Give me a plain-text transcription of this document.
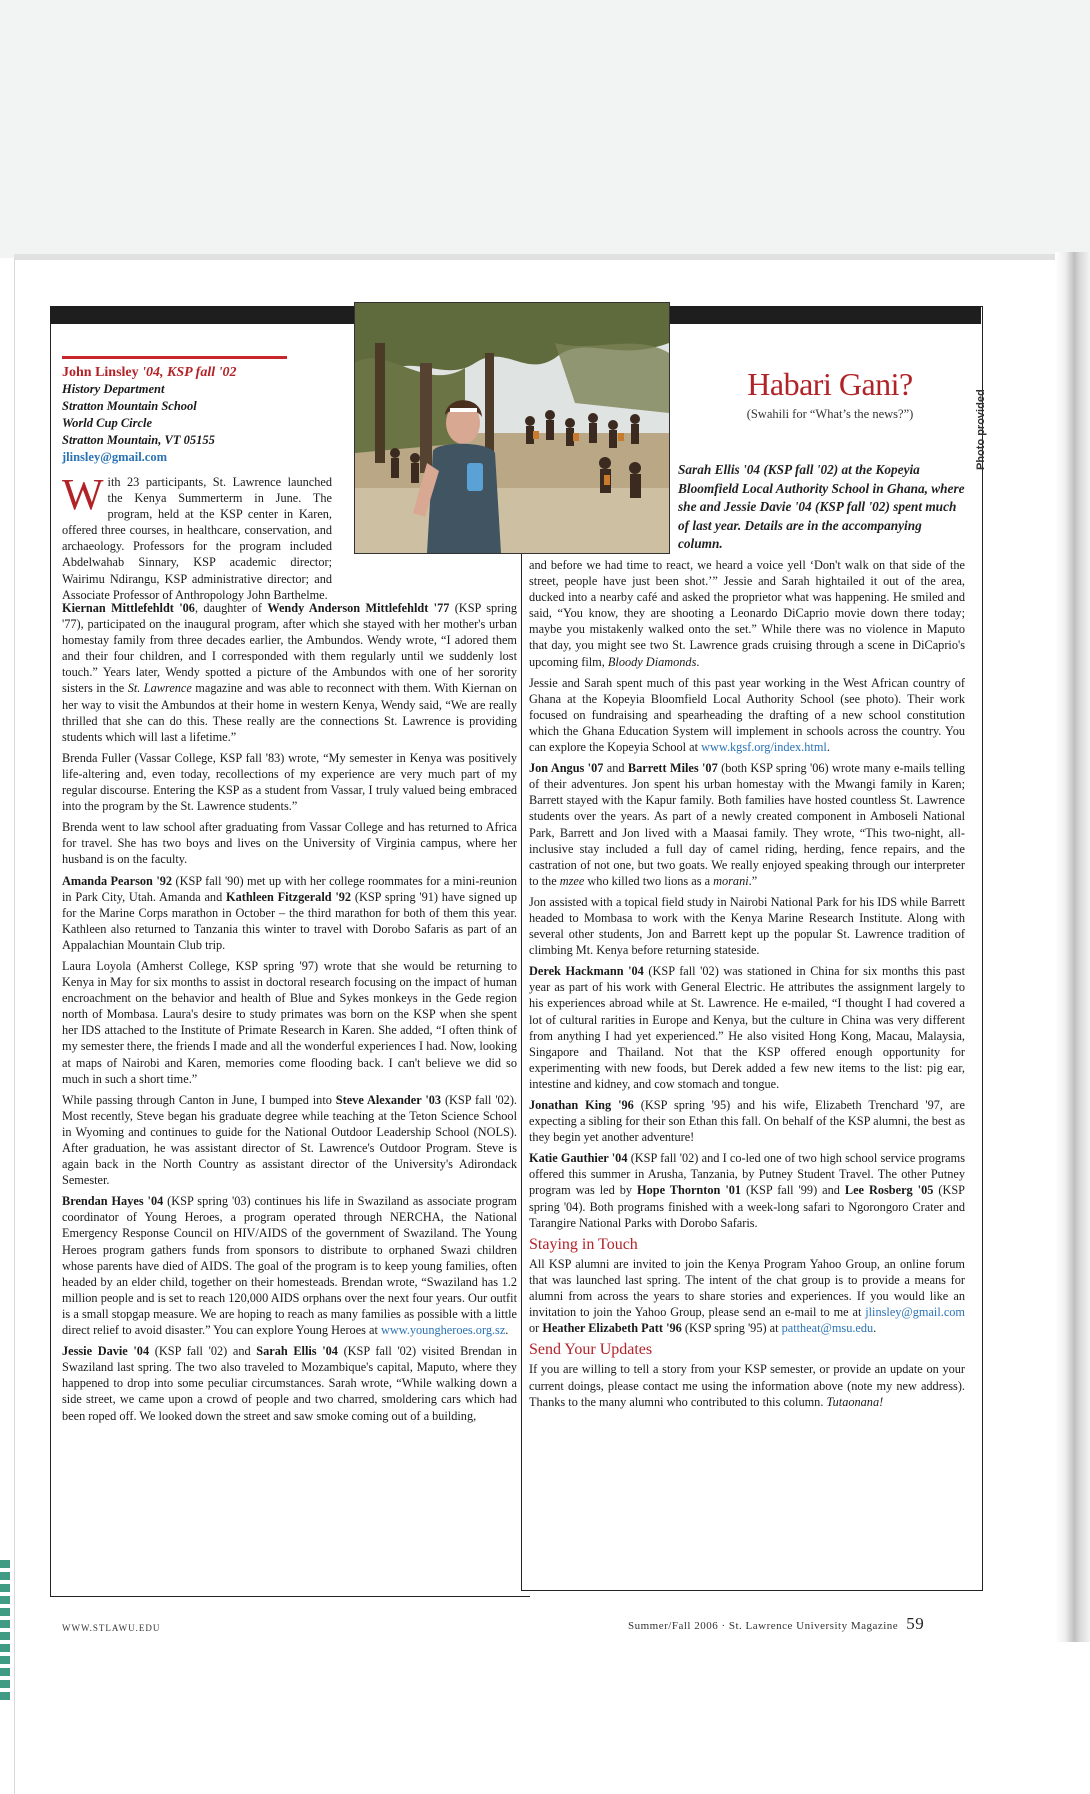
Photo provided
John Linsley '04, KSP fall '02
History Department
Stratton Mountain School
World Cup Circle
Stratton Mountain, VT 05155
jlinsley@gmail.com
Habari Gani?
(Swahili for “What’s the news?”)
Sarah Ellis '04 (KSP fall '02) at the Kopeyia Bloomfield Local Authority School in Ghana, where she and Jessie Davie '04 (KSP fall '02) spent much of last year. Details are in the accompanying column.
With 23 participants, St. Lawrence launched the Kenya Summerterm in June. The program, held at the KSP center in Karen, offered three courses, in healthcare, conservation, and archaeology. Professors for the program included Abdelwahab Sinnary, KSP academic director; Wairimu Ndirangu, KSP administrative director; and Associate Professor of Anthropology John Barthelme.

Kiernan Mittlefehldt '06, daughter of Wendy Anderson Mittlefehldt '77 (KSP spring '77), participated on the inaugural program, after which she stayed with her mother's urban homestay family from three decades earlier, the Ambundos. Wendy wrote, “I adored them and their four children, and I corresponded with them regularly until we suddenly lost touch.” Years later, Wendy spotted a picture of the Ambundos with one of her sorority sisters in the St. Lawrence magazine and was able to reconnect with them. With Kiernan on her way to visit the Ambundos at their home in western Kenya, Wendy said, “We are really thrilled that she can do this. These really are the connections St. Lawrence is providing students which will last a lifetime.”

Brenda Fuller (Vassar College, KSP fall '83) wrote, “My semester in Kenya was positively life-altering and, even today, recollections of my experience are very much part of my regular discourse. Entering the KSP as a student from Vassar, I truly valued being embraced into the program by the St. Lawrence students.”

Brenda went to law school after graduating from Vassar College and has returned to Africa for travel. She has two boys and lives on the University of Virginia campus, where her husband is on the faculty.

Amanda Pearson '92 (KSP fall '90) met up with her college roommates for a mini-reunion in Park City, Utah. Amanda and Kathleen Fitzgerald '92 (KSP spring '91) have signed up for the Marine Corps marathon in October – the third marathon for both of them this year. Kathleen also returned to Tanzania this winter to travel with Dorobo Safaris as part of an Appalachian Mountain Club trip.

Laura Loyola (Amherst College, KSP spring '97) wrote that she would be returning to Kenya in May for six months to assist in doctoral research focusing on the impact of human encroachment on the behavior and health of Blue and Sykes monkeys in the Gede region north of Mombasa. Laura's desire to study primates was born on the KSP when she spent her IDS attached to the Institute of Primate Research in Karen. She added, “I often think of my semester there, the friends I made and all the wonderful experiences I had. Now, looking at maps of Nairobi and Karen, memories come flooding back. I can't believe we did so much in such a short time.”

While passing through Canton in June, I bumped into Steve Alexander '03 (KSP fall '02). Most recently, Steve began his graduate degree while teaching at the Teton Science School in Wyoming and continues to guide for the National Outdoor Leadership School (NOLS). After graduation, he was assistant director of St. Lawrence's Outdoor Program. Steve is again back in the North Country as assistant director of the University's Adirondack Semester.

Brendan Hayes '04 (KSP spring '03) continues his life in Swaziland as associate program coordinator of Young Heroes, a program operated through NERCHA, the National Emergency Response Council on HIV/AIDS of the government of Swaziland. The Young Heroes program gathers funds from sponsors to distribute to orphaned Swazi children whose parents have died of AIDS. The goal of the program is to keep young families, often headed by an elder child, together on their homesteads. Brendan wrote, “Swaziland has 1.2 million people and is set to reach 120,000 AIDS orphans over the next four years. Our outfit is a small stopgap measure. We are hoping to reach as many families as possible with a little direct relief to avoid disaster.” You can explore Young Heroes at www.youngheroes.org.sz.

Jessie Davie '04 (KSP fall '02) and Sarah Ellis '04 (KSP fall '02) visited Brendan in Swaziland last spring. The two also traveled to Mozambique's capital, Maputo, where they happened to drop into some peculiar circumstances. Sarah wrote, “While walking down a side street, we came upon a crowd of people and two charred, smoldering cars which had been roped off. We looked down the street and saw smoke coming out of a building,

and before we had time to react, we heard a voice yell ‘Don't walk on that side of the street, people have just been shot.’” Jessie and Sarah hightailed it out of the area, ducked into a nearby café and asked the proprietor what was happening. He smiled and said, “You know, they are shooting a Leonardo DiCaprio movie down there today; maybe you mistakenly walked onto the set.” While there was no violence in Maputo that day, you might see two St. Lawrence grads cruising through a scene in DiCaprio's upcoming film, Bloody Diamonds.

Jessie and Sarah spent much of this past year working in the West African country of Ghana at the Kopeyia Bloomfield Local Authority School (see photo). Their work focused on fundraising and spearheading the drafting of a new school constitution which the Ghana Education System will implement in schools across the country. You can explore the Kopeyia School at www.kgsf.org/index.html.

Jon Angus '07 and Barrett Miles '07 (both KSP spring '06) wrote many e-mails telling of their adventures. Jon spent his urban homestay with the Mwangi family in Karen; Barrett stayed with the Kapur family. Both families have hosted countless St. Lawrence students over the years. As part of a newly created component in Amboseli National Park, Barrett and Jon lived with a Maasai family. They wrote, “This two-night, all-inclusive stay included a full day of camel riding, herding, fence repairs, and the castration of not one, but two goats. We really enjoyed speaking through our interpreter to the mzee who killed two lions as a morani.”

Jon assisted with a topical field study in Nairobi National Park for his IDS while Barrett headed to Mombasa to work with the Kenya Marine Research Institute. Along with several other students, Jon and Barrett kept up the popular St. Lawrence tradition of climbing Mt. Kenya before returning stateside.

Derek Hackmann '04 (KSP fall '02) was stationed in China for six months this past year as part of his work with General Electric. He attributes the assignment largely to his experiences abroad while at St. Lawrence. He e-mailed, “I thought I had covered a lot of cultural rarities in Europe and Kenya, but the culture in China was very different from anything I had yet experienced.” He also visited Hong Kong, Macau, Malaysia, Singapore and Thailand. Not that the KSP offered enough opportunity for experimenting with new foods, but Derek added a few new items to the list: pig ear, intestine and kidney, and cow stomach and tongue.

Jonathan King '96 (KSP spring '95) and his wife, Elizabeth Trenchard '97, are expecting a sibling for their son Ethan this fall. On behalf of the KSP alumni, the best as they begin yet another adventure!

Katie Gauthier '04 (KSP fall '02) and I co-led one of two high school service programs offered this summer in Arusha, Tanzania, by Putney Student Travel. The other Putney program was led by Hope Thornton '01 (KSP fall '99) and Lee Rosberg '05 (KSP spring '04). Both programs finished with a week-long safari to Ngorongoro Crater and Tarangire National Parks with Dorobo Safaris.

Staying in Touch

All KSP alumni are invited to join the Kenya Program Yahoo Group, an online forum that was launched last spring. The intent of the chat group is to provide a means for alumni from across the years to share stories and experiences. If you would like an invitation to join the Yahoo Group, please send an e-mail to me at jlinsley@gmail.com or Heather Elizabeth Patt '96 (KSP spring '95) at pattheat@msu.edu.

Send Your Updates

If you are willing to tell a story from your KSP semester, or provide an update on your current doings, please contact me using the information above (note my new address). Thanks to the many alumni who contributed to this column. Tutaonana!

WWW.STLAWU.EDU	Summer/Fall 2006 · St. Lawrence University Magazine 59
